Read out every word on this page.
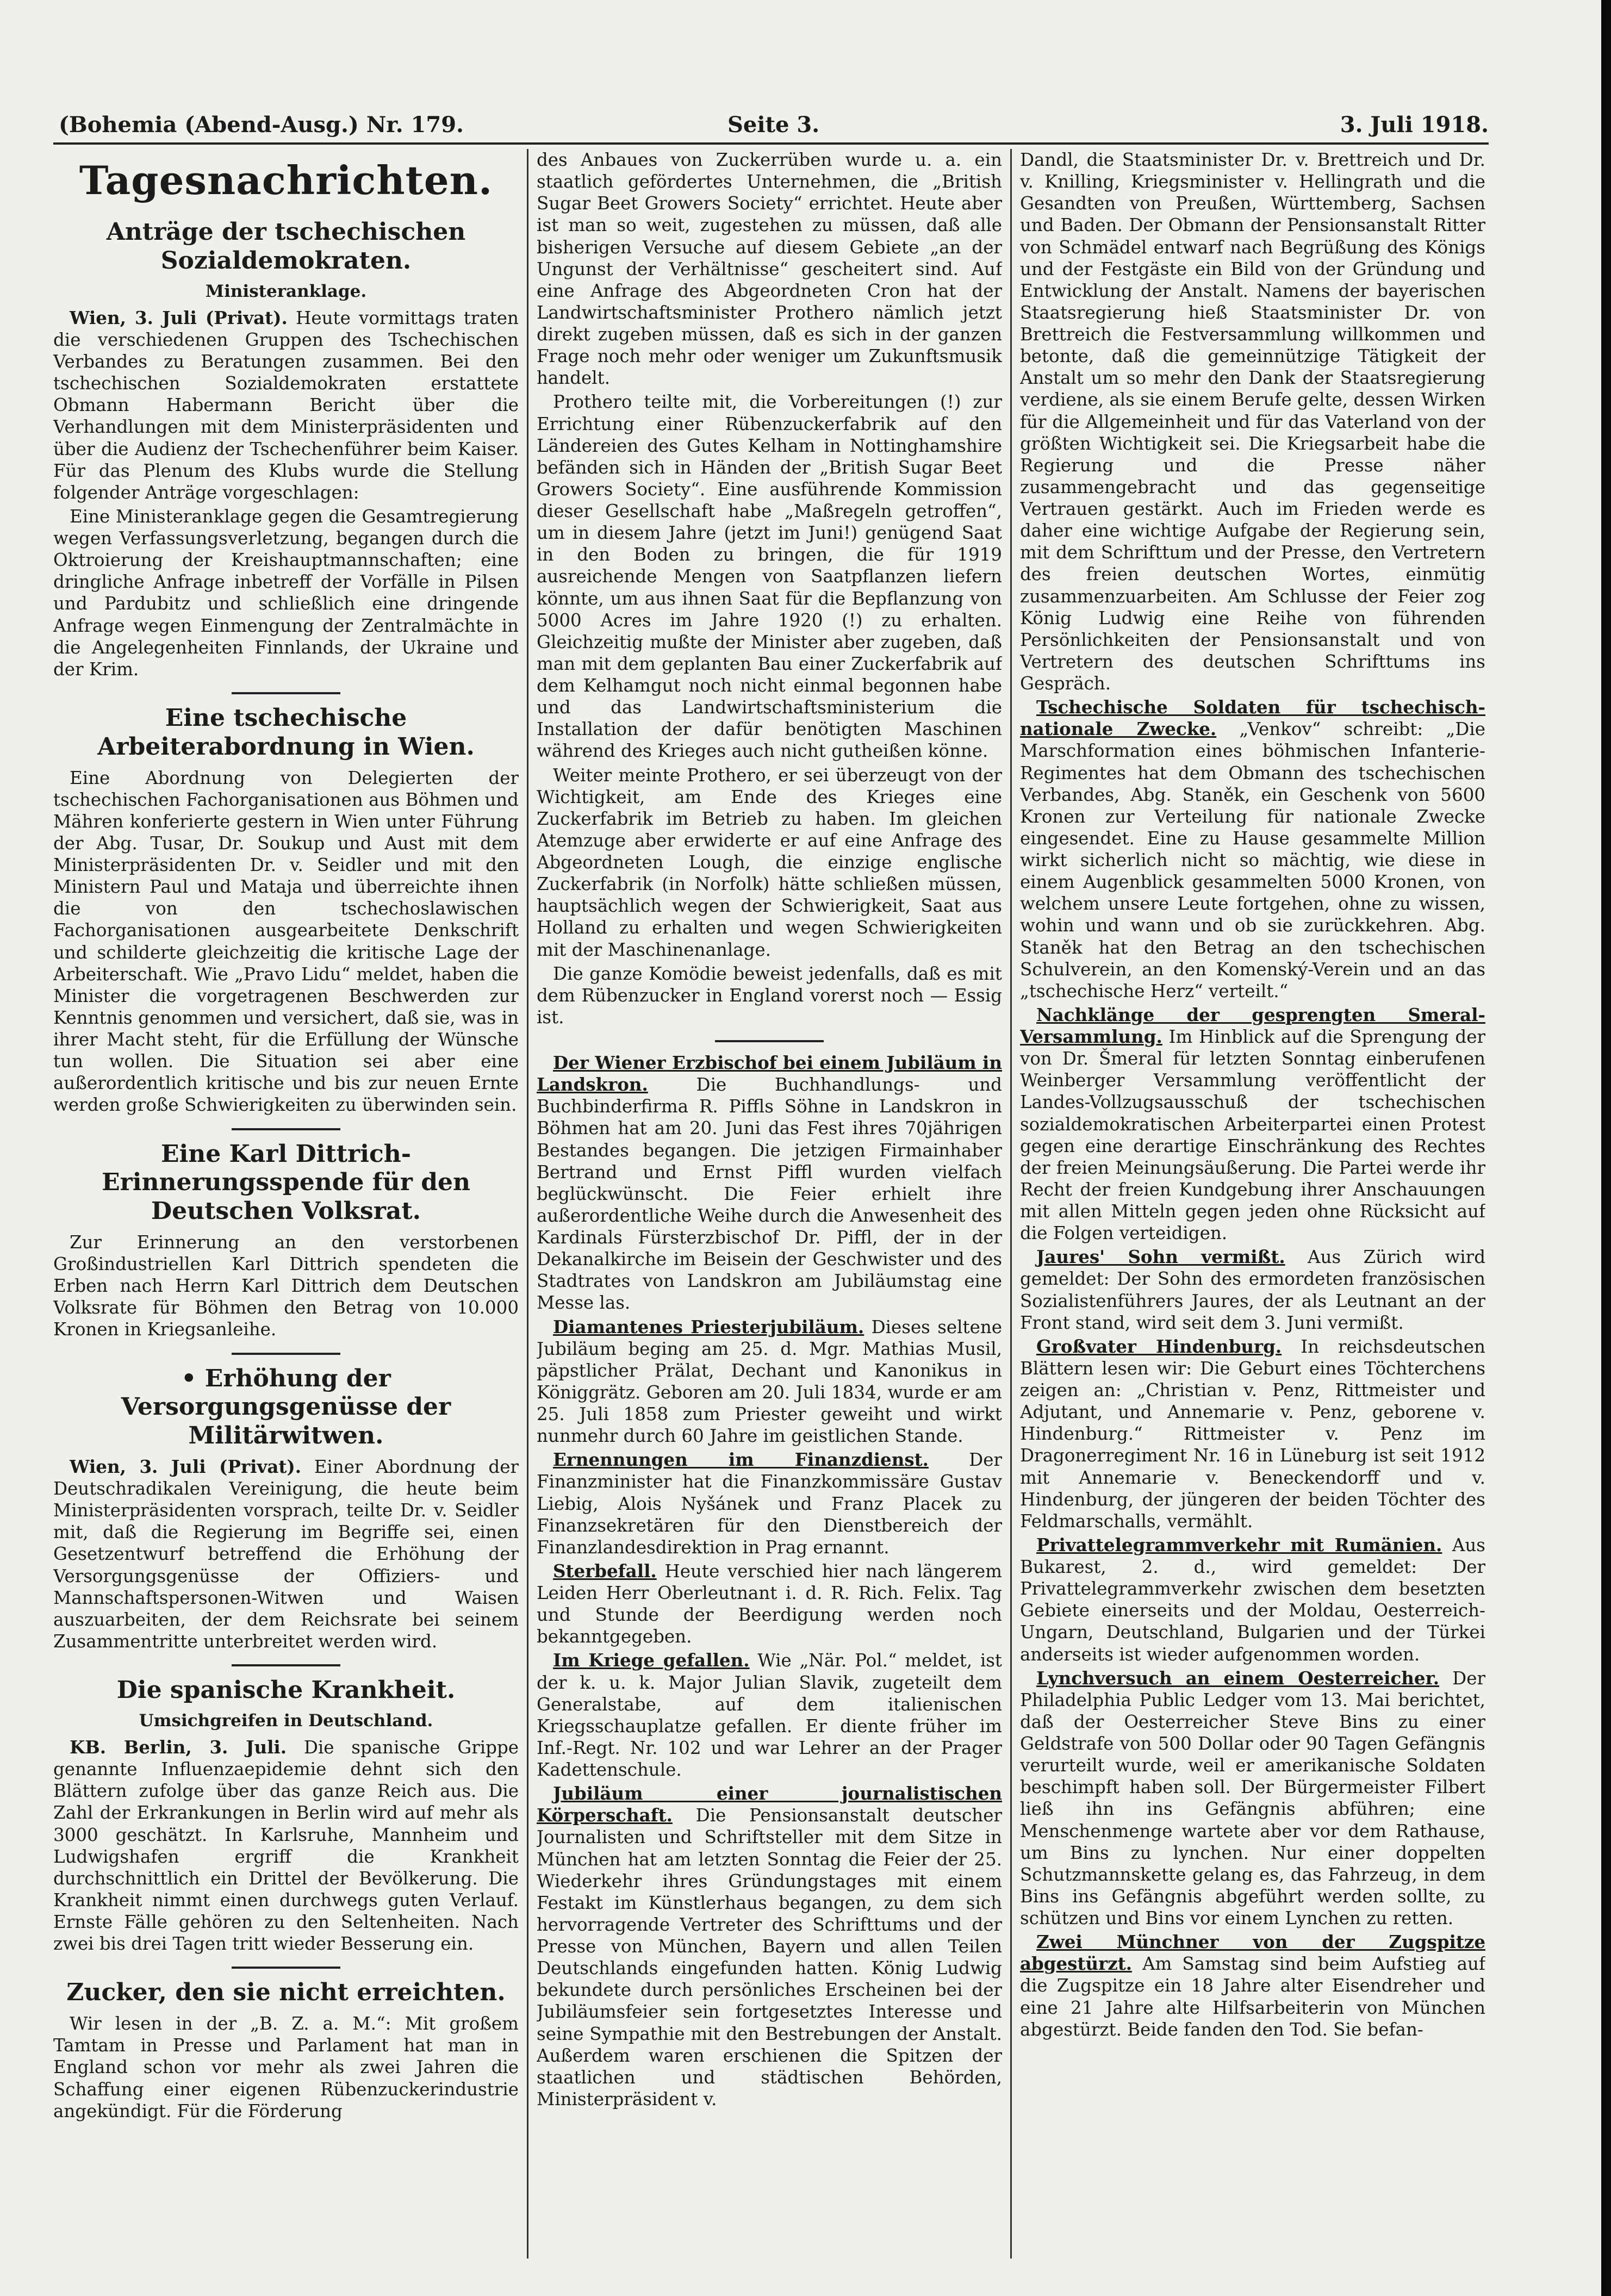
(Bohemia (Abend-Ausg.) Nr. 179.	Seite 3.	3. Juli 1918.
Tagesnachrichten.
Anträge der tschechischen Sozialdemokraten.
Ministeranklage.

Wien, 3. Juli (Privat). Heute vormittags traten die verschiedenen Gruppen des Tschechischen Verbandes zu Beratungen zusammen. Bei den tschechischen Sozialdemokraten erstattete Obmann Habermann Bericht über die Verhandlungen mit dem Ministerpräsidenten und über die Audienz der Tschechenführer beim Kaiser. Für das Plenum des Klubs wurde die Stellung folgender Anträge vorgeschlagen:

Eine Ministeranklage gegen die Gesamtregierung wegen Verfassungsverletzung, begangen durch die Oktroierung der Kreishauptmannschaften; eine dringliche Anfrage inbetreff der Vorfälle in Pilsen und Pardubitz und schließlich eine dringende Anfrage wegen Einmengung der Zentralmächte in die Angelegenheiten Finnlands, der Ukraine und der Krim.

Eine tschechische Arbeiterabordnung in Wien.

Eine Abordnung von Delegierten der tschechischen Fachorganisationen aus Böhmen und Mähren konferierte gestern in Wien unter Führung der Abg. Tusar, Dr. Soukup und Aust mit dem Ministerpräsidenten Dr. v. Seidler und mit den Ministern Paul und Mataja und überreichte ihnen die von den tschechoslawischen Fachorganisationen ausgearbeitete Denkschrift und schilderte gleichzeitig die kritische Lage der Arbeiterschaft. Wie „Pravo Lidu“ meldet, haben die Minister die vorgetragenen Beschwerden zur Kenntnis genommen und versichert, daß sie, was in ihrer Macht steht, für die Erfüllung der Wünsche tun wollen. Die Situation sei aber eine außerordentlich kritische und bis zur neuen Ernte werden große Schwierigkeiten zu überwinden sein.

Eine Karl Dittrich-Erinnerungsspende für den Deutschen Volksrat.

Zur Erinnerung an den verstorbenen Großindustriellen Karl Dittrich spendeten die Erben nach Herrn Karl Dittrich dem Deutschen Volksrate für Böhmen den Betrag von 10.000 Kronen in Kriegsanleihe.

• Erhöhung der Versorgungsgenüsse der Militärwitwen.

Wien, 3. Juli (Privat). Einer Abordnung der Deutschradikalen Vereinigung, die heute beim Ministerpräsidenten vorsprach, teilte Dr. v. Seidler mit, daß die Regierung im Begriffe sei, einen Gesetzentwurf betreffend die Erhöhung der Versorgungsgenüsse der Offiziers- und Mannschaftspersonen-Witwen und Waisen auszuarbeiten, der dem Reichsrate bei seinem Zusammentritte unterbreitet werden wird.

Die spanische Krankheit.
Umsichgreifen in Deutschland.

KB. Berlin, 3. Juli. Die spanische Grippe genannte Influenzaepidemie dehnt sich den Blättern zufolge über das ganze Reich aus. Die Zahl der Erkrankungen in Berlin wird auf mehr als 3000 geschätzt. In Karlsruhe, Mannheim und Ludwigshafen ergriff die Krankheit durchschnittlich ein Drittel der Bevölkerung. Die Krankheit nimmt einen durchwegs guten Verlauf. Ernste Fälle gehören zu den Seltenheiten. Nach zwei bis drei Tagen tritt wieder Besserung ein.

Zucker, den sie nicht erreichten.

Wir lesen in der „B. Z. a. M.“: Mit großem Tamtam in Presse und Parlament hat man in England schon vor mehr als zwei Jahren die Schaffung einer eigenen Rübenzuckerindustrie angekündigt. Für die Förderung

des Anbaues von Zuckerrüben wurde u. a. ein staatlich gefördertes Unternehmen, die „British Sugar Beet Growers Society“ errichtet. Heute aber ist man so weit, zugestehen zu müssen, daß alle bisherigen Versuche auf diesem Gebiete „an der Ungunst der Verhältnisse“ gescheitert sind. Auf eine Anfrage des Abgeordneten Cron hat der Landwirtschaftsminister Prothero nämlich jetzt direkt zugeben müssen, daß es sich in der ganzen Frage noch mehr oder weniger um Zukunftsmusik handelt.

Prothero teilte mit, die Vorbereitungen (!) zur Errichtung einer Rübenzuckerfabrik auf den Ländereien des Gutes Kelham in Nottinghamshire befänden sich in Händen der „British Sugar Beet Growers Society“. Eine ausführende Kommission dieser Gesellschaft habe „Maßregeln getroffen“, um in diesem Jahre (jetzt im Juni!) genügend Saat in den Boden zu bringen, die für 1919 ausreichende Mengen von Saatpflanzen liefern könnte, um aus ihnen Saat für die Bepflanzung von 5000 Acres im Jahre 1920 (!) zu erhalten. Gleichzeitig mußte der Minister aber zugeben, daß man mit dem geplanten Bau einer Zuckerfabrik auf dem Kelhamgut noch nicht einmal begonnen habe und das Landwirtschaftsministerium die Installation der dafür benötigten Maschinen während des Krieges auch nicht gutheißen könne.

Weiter meinte Prothero, er sei überzeugt von der Wichtigkeit, am Ende des Krieges eine Zuckerfabrik im Betrieb zu haben. Im gleichen Atemzuge aber erwiderte er auf eine Anfrage des Abgeordneten Lough, die einzige englische Zuckerfabrik (in Norfolk) hätte schließen müssen, hauptsächlich wegen der Schwierigkeit, Saat aus Holland zu erhalten und wegen Schwierigkeiten mit der Maschinenanlage.

Die ganze Komödie beweist jedenfalls, daß es mit dem Rübenzucker in England vorerst noch — Essig ist.

Der Wiener Erzbischof bei einem Jubiläum in Landskron.	Die Buchhandlungs- und Buchbinderfirma R. Piffls Söhne in Landskron in Böhmen hat am 20. Juni das Fest ihres 70jährigen Bestandes begangen. Die jetzigen Firmainhaber Bertrand und Ernst Piffl wurden vielfach beglückwünscht. Die Feier erhielt ihre außerordentliche Weihe durch die Anwesenheit des Kardinals Fürsterzbischof Dr. Piffl, der in der Dekanalkirche im Beisein der Geschwister und des Stadtrates von Landskron am Jubiläumstag eine Messe las.

Diamantenes Priesterjubiläum. Dieses seltene Jubiläum beging am 25. d. Mgr. Mathias Musil, päpstlicher Prälat, Dechant und Kanonikus in Königgrätz. Geboren am 20. Juli 1834, wurde er am 25. Juli 1858 zum Priester geweiht und wirkt nunmehr durch 60 Jahre im geistlichen Stande.

Ernennungen im Finanzdienst. Der Finanzminister hat die Finanzkommissäre Gustav Liebig, Alois Nyšánek und Franz Placek zu Finanzsekretären für den Dienstbereich der Finanzlandesdirektion in Prag ernannt.

Sterbefall. Heute verschied hier nach längerem Leiden Herr Oberleutnant i. d. R. Rich. Felix. Tag und Stunde der Beerdigung werden noch bekanntgegeben.

Im Kriege gefallen. Wie „När. Pol.“ meldet, ist der k. u. k. Major Julian Slavik, zugeteilt dem Generalstabe, auf dem italienischen Kriegsschauplatze gefallen. Er diente früher im Inf.-Regt. Nr. 102 und war Lehrer an der Prager Kadettenschule.

Jubiläum einer journalistischen Körperschaft. Die Pensionsanstalt deutscher Journalisten und Schriftsteller mit dem Sitze in München hat am letzten Sonntag die Feier der 25. Wiederkehr ihres Gründungstages mit einem Festakt im Künstlerhaus begangen, zu dem sich hervorragende Vertreter des Schrifttums und der Presse von München, Bayern und allen Teilen Deutschlands eingefunden hatten. König Ludwig bekundete durch persönliches Erscheinen bei der Jubiläumsfeier sein fortgesetztes Interesse und seine Sympathie mit den Bestrebungen der Anstalt. Außerdem waren erschienen die Spitzen der staatlichen und städtischen Behörden, Ministerpräsident v.

Dandl, die Staatsminister Dr. v. Brettreich und Dr. v. Knilling, Kriegsminister v. Hellingrath und die Gesandten von Preußen, Württemberg, Sachsen und Baden. Der Obmann der Pensionsanstalt Ritter von Schmädel entwarf nach Begrüßung des Königs und der Festgäste ein Bild von der Gründung und Entwicklung der Anstalt. Namens der bayerischen Staatsregierung hieß Staatsminister Dr. von Brettreich die Festversammlung willkommen und betonte, daß die gemeinnützige Tätigkeit der Anstalt um so mehr den Dank der Staatsregierung verdiene, als sie einem Berufe gelte, dessen Wirken für die Allgemeinheit und für das Vaterland von der größten Wichtigkeit sei. Die Kriegsarbeit habe die Regierung und die Presse näher zusammengebracht und das gegenseitige Vertrauen gestärkt. Auch im Frieden werde es daher eine wichtige Aufgabe der Regierung sein, mit dem Schrifttum und der Presse, den Vertretern des freien deutschen Wortes, einmütig zusammenzuarbeiten. Am Schlusse der Feier zog König Ludwig eine Reihe von führenden Persönlichkeiten der Pensionsanstalt und von Vertretern des deutschen Schrifttums ins Gespräch.

Tschechische Soldaten für tschechisch-nationale Zwecke. „Venkov“ schreibt: „Die Marschformation eines böhmischen Infanterie-Regimentes hat dem Obmann des tschechischen Verbandes, Abg. Staněk, ein Geschenk von 5600 Kronen zur Verteilung für nationale Zwecke eingesendet. Eine zu Hause gesammelte Million wirkt sicherlich nicht so mächtig, wie diese in einem Augenblick gesammelten 5000 Kronen, von welchem unsere Leute fortgehen, ohne zu wissen, wohin und wann und ob sie zurückkehren. Abg. Staněk hat den Betrag an den tschechischen Schulverein, an den Komenský-Verein und an das „tschechische Herz“ verteilt.“

Nachklänge der gesprengten Smeral-Versammlung. Im Hinblick auf die Sprengung der von Dr. Šmeral für letzten Sonntag einberufenen Weinberger Versammlung veröffentlicht der Landes-Vollzugsausschuß der tschechischen sozialdemokratischen Arbeiterpartei einen Protest gegen eine derartige Einschränkung des Rechtes der freien Meinungsäußerung. Die Partei werde ihr Recht der freien Kundgebung ihrer Anschauungen mit allen Mitteln gegen jeden ohne Rücksicht auf die Folgen verteidigen.

Jaures' Sohn vermißt. Aus Zürich wird gemeldet: Der Sohn des ermordeten französischen Sozialistenführers Jaures, der als Leutnant an der Front stand, wird seit dem 3. Juni vermißt.

Großvater Hindenburg. In reichsdeutschen Blättern lesen wir: Die Geburt eines Töchterchens zeigen an: „Christian v. Penz, Rittmeister und Adjutant, und Annemarie v. Penz, geborene v. Hindenburg.“ Rittmeister v. Penz im Dragonerregiment Nr. 16 in Lüneburg ist seit 1912 mit Annemarie v. Beneckendorff und v. Hindenburg, der jüngeren der beiden Töchter des Feldmarschalls, vermählt.

Privattelegrammverkehr mit Rumänien. Aus Bukarest, 2. d., wird gemeldet: Der Privattelegrammverkehr zwischen dem besetzten Gebiete einerseits und der Moldau, Oesterreich-Ungarn, Deutschland, Bulgarien und der Türkei anderseits ist wieder aufgenommen worden.

Lynchversuch an einem Oesterreicher. Der Philadelphia Public Ledger vom 13. Mai berichtet, daß der Oesterreicher Steve Bins zu einer Geldstrafe von 500 Dollar oder 90 Tagen Gefängnis verurteilt wurde, weil er amerikanische Soldaten beschimpft haben soll. Der Bürgermeister Filbert ließ ihn ins Gefängnis abführen; eine Menschenmenge wartete aber vor dem Rathause, um Bins zu lynchen. Nur einer doppelten Schutzmannskette gelang es, das Fahrzeug, in dem Bins ins Gefängnis abgeführt werden sollte, zu schützen und Bins vor einem Lynchen zu retten.

Zwei Münchner von der Zugspitze abgestürzt. Am Samstag sind beim Aufstieg auf die Zugspitze ein 18 Jahre alter Eisendreher und eine 21 Jahre alte Hilfsarbeiterin von München abgestürzt. Beide fanden den Tod. Sie befan-
